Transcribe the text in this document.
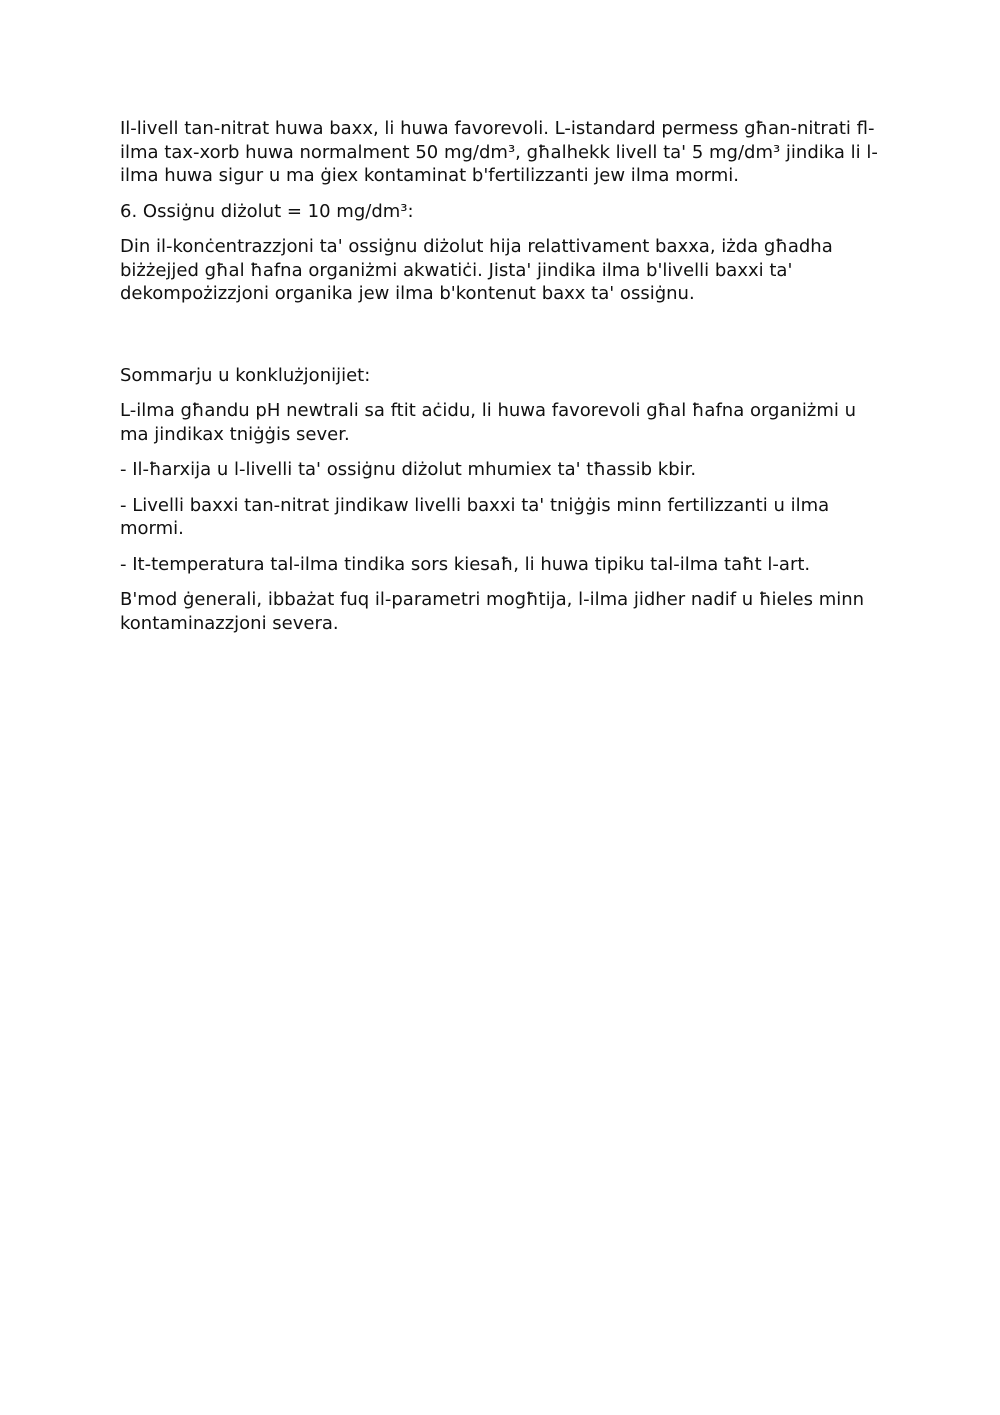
Il-livell tan-nitrat huwa baxx, li huwa favorevoli. L-istandard permess għan-nitrati fl-ilma tax-xorb huwa normalment 50 mg/dm³, għalhekk livell ta' 5 mg/dm³ jindika li l-ilma huwa sigur u ma ġiex kontaminat b'fertilizzanti jew ilma mormi.

6. Ossiġnu diżolut = 10 mg/dm³:

Din il-konċentrazzjoni ta' ossiġnu diżolut hija relattivament baxxa, iżda għadha biżżejjed għal ħafna organiżmi akwatiċi. Jista' jindika ilma b'livelli baxxi ta' dekompożizzjoni organika jew ilma b'kontenut baxx ta' ossiġnu.

Sommarju u konklużjonijiet:

L-ilma għandu pH newtrali sa ftit aċidu, li huwa favorevoli għal ħafna organiżmi u ma jindikax tniġġis sever.

- Il-ħarxija u l-livelli ta' ossiġnu diżolut mhumiex ta' tħassib kbir.

- Livelli baxxi tan-nitrat jindikaw livelli baxxi ta' tniġġis minn fertilizzanti u ilma mormi.

- It-temperatura tal-ilma tindika sors kiesaħ, li huwa tipiku tal-ilma taħt l-art.

B'mod ġenerali, ibbażat fuq il-parametri mogħtija, l-ilma jidher nadif u ħieles minn kontaminazzjoni severa.
